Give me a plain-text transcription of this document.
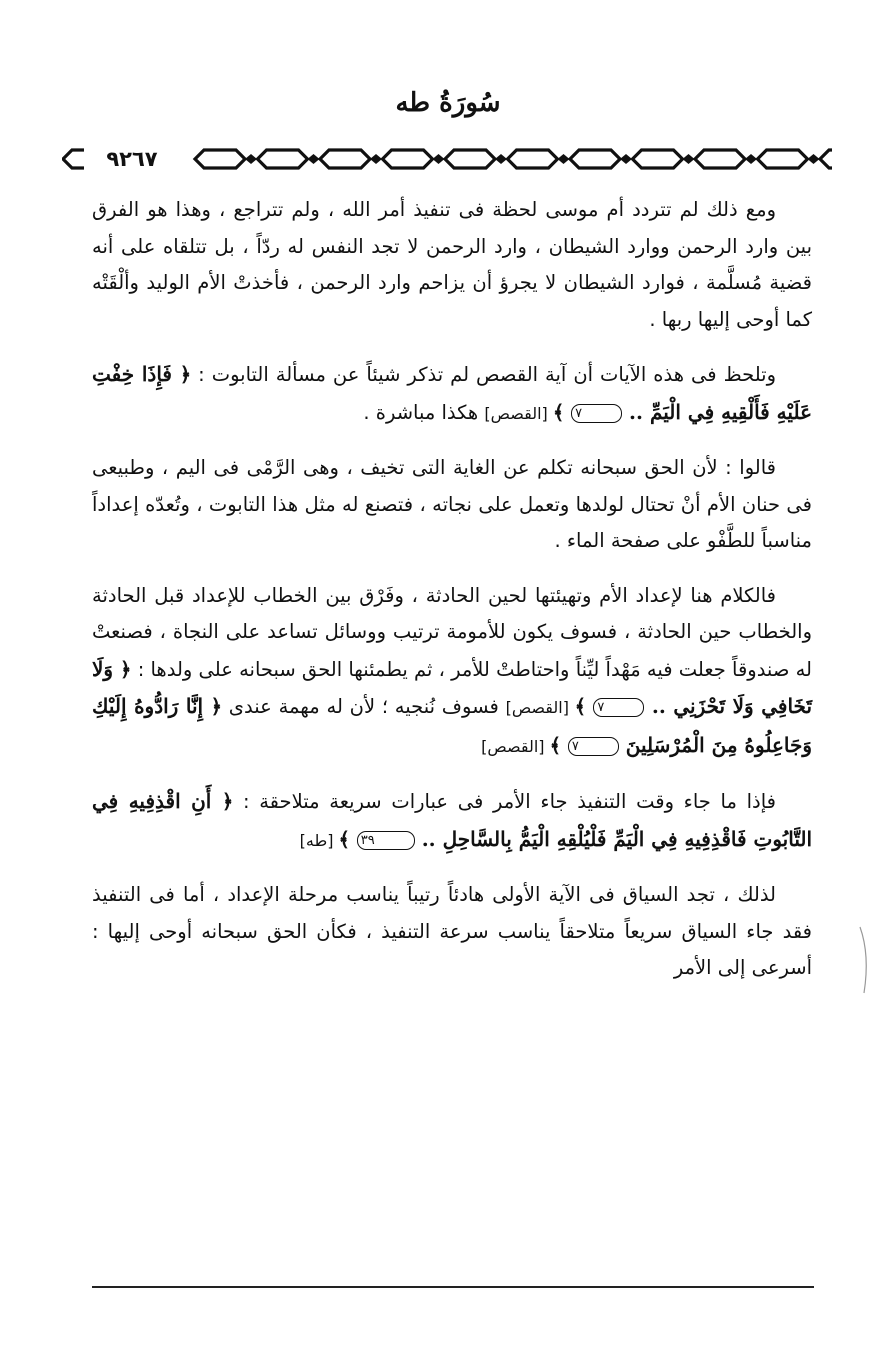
سُورَةُ طه
٩٢٦٧

ومع ذلك لم تتردد أم موسى لحظة فى تنفيذ أمر الله ، ولم تتراجع ، وهذا هو الفرق بين وارد الرحمن ووارد الشيطان ، وارد الرحمن لا تجد النفس له ردّاً ، بل تتلقاه على أنه قضية مُسلَّمة ، فوارد الشيطان لا يجرؤ أن يزاحم وارد الرحمن ، فأخذتْ الأم الوليد وألْقَتْه كما أوحى إليها ربها .

وتلحظ فى هذه الآيات أن آية القصص لم تذكر شيئاً عن مسألة التابوت : ﴿ فَإِذَا خِفْتِ عَلَيْهِ فَأَلْقِيهِ فِي الْيَمِّ .. ٧ ﴾ [القصص] هكذا مباشرة .

قالوا : لأن الحق سبحانه تكلم عن الغاية التى تخيف ، وهى الرَّمْى فى اليم ، وطبيعى فى حنان الأم أنْ تحتال لولدها وتعمل على نجاته ، فتصنع له مثل هذا التابوت ، وتُعدّه إعداداً مناسباً للطَّفْو على صفحة الماء .

فالكلام هنا لإعداد الأم وتهيئتها لحين الحادثة ، وفَرْق بين الخطاب للإعداد قبل الحادثة والخطاب حين الحادثة ، فسوف يكون للأمومة ترتيب ووسائل تساعد على النجاة ، فصنعتْ له صندوقاً جعلت فيه مَهْداً ليِّناً واحتاطتْ للأمر ، ثم يطمئنها الحق سبحانه على ولدها : ﴿ وَلَا تَخَافِي وَلَا تَحْزَنِي .. ٧ ﴾ [القصص] فسوف نُنجيه ؛ لأن له مهمة عندى ﴿ إِنَّا رَادُّوهُ إِلَيْكِ وَجَاعِلُوهُ مِنَ الْمُرْسَلِينَ ٧ ﴾ [القصص]

فإذا ما جاء وقت التنفيذ جاء الأمر فى عبارات سريعة متلاحقة : ﴿ أَنِ اقْذِفِيهِ فِي التَّابُوتِ فَاقْذِفِيهِ فِي الْيَمِّ فَلْيُلْقِهِ الْيَمُّ بِالسَّاحِلِ .. ٣٩ ﴾ [طه]

لذلك ، تجد السياق فى الآية الأولى هادئاً رتيباً يناسب مرحلة الإعداد ، أما فى التنفيذ فقد جاء السياق سريعاً متلاحقاً يناسب سرعة التنفيذ ، فكأن الحق سبحانه أوحى إليها : أسرعى إلى الأمر
